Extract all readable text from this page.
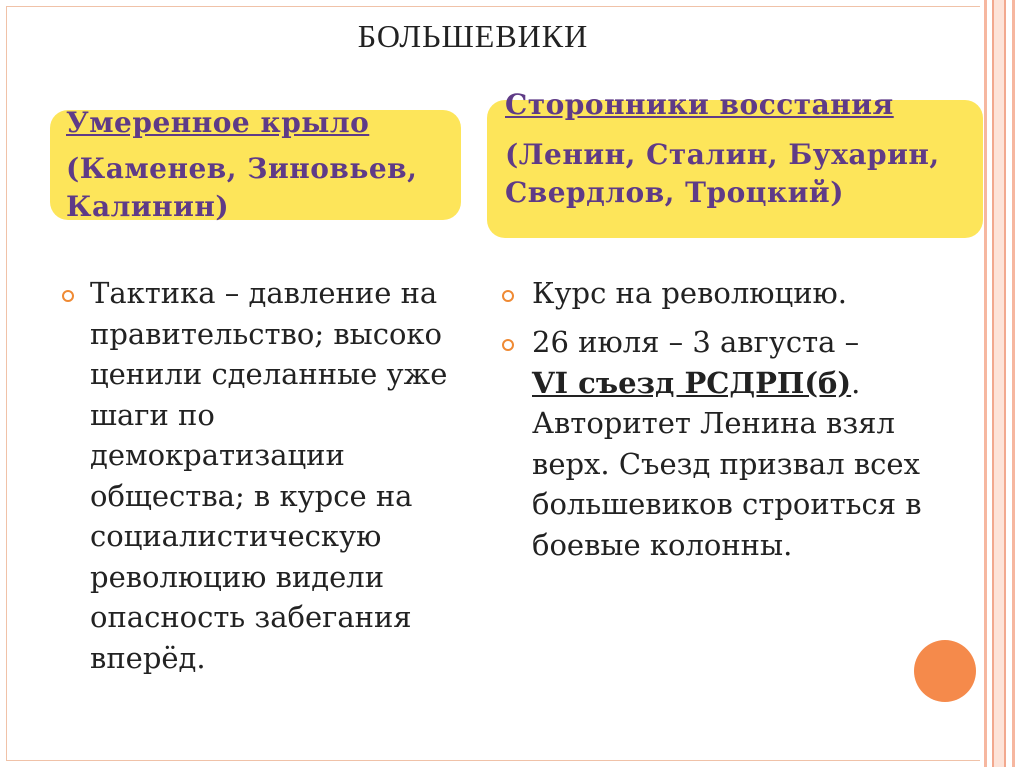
БОЛЬШЕВИКИ
Умеренное крыло
(Каменев, Зиновьев, Калинин)
Сторонники восстания
(Ленин, Сталин, Бухарин, Свердлов, Троцкий)
Тактика – давление на правительство; высоко ценили сделанные уже шаги по демократизации общества; в курсе на социалистическую революцию видели опасность забегания вперёд.
Курс на революцию.
26 июля – 3 августа –
VI съезд РСДРП(б). Авторитет Ленина взял верх. Съезд призвал всех большевиков строиться в боевые колонны.
